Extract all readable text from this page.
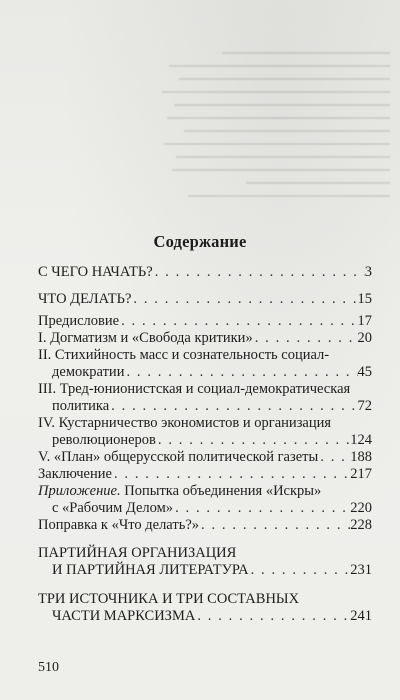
Содержание
С ЧЕГО НАЧАТЬ? . . .	3
ЧТО ДЕЛАТЬ? . . .	15
Предисловие . . .	17
I. Догматизм и «Свобода критики» . . .	20
II. Стихийность масс и сознательность социал-
демократии . . .	45
III. Тред-юнионистская и социал-демократическая
политика . . .	72
IV. Кустарничество экономистов и организация
революционеров . . .	124
V. «План» общерусской политической газеты . . . 188
Заключение . . .	217
Приложение. Попытка объединения «Искры»
с «Рабочим Делом» . . .	220
Поправка к «Что делать?» . . .	228
ПАРТИЙНАЯ ОРГАНИЗАЦИЯ
И ПАРТИЙНАЯ ЛИТЕРАТУРА . . .	231
ТРИ ИСТОЧНИКА И ТРИ СОСТАВНЫХ
ЧАСТИ МАРКСИЗМА . . .	241
510
